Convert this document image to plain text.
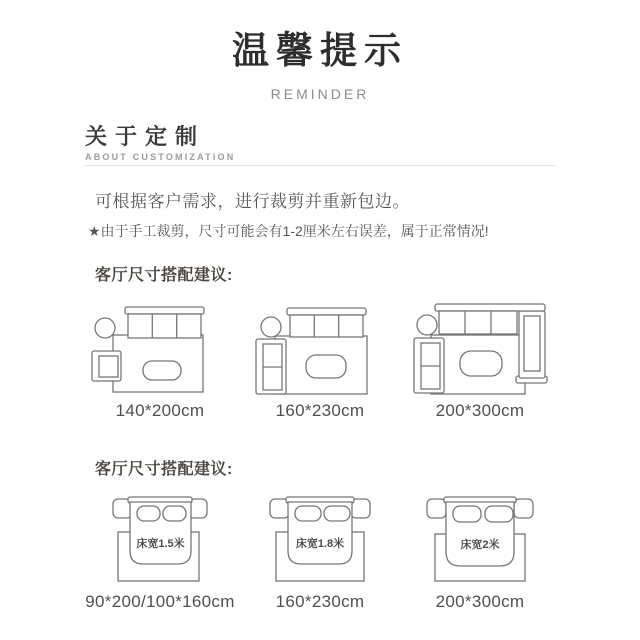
温馨提示
REMINDER
关于定制
ABOUT CUSTOMIZATION
可根据客户需求，进行裁剪并重新包边。
★由于手工裁剪，尺寸可能会有1-2厘米左右误差，属于正常情况!
客厅尺寸搭配建议:
140*200cm	160*230cm	200*300cm
客厅尺寸搭配建议:
床宽1.5米
90*200/100*160cm
床宽1.8米
160*230cm
床宽2米
200*300cm
